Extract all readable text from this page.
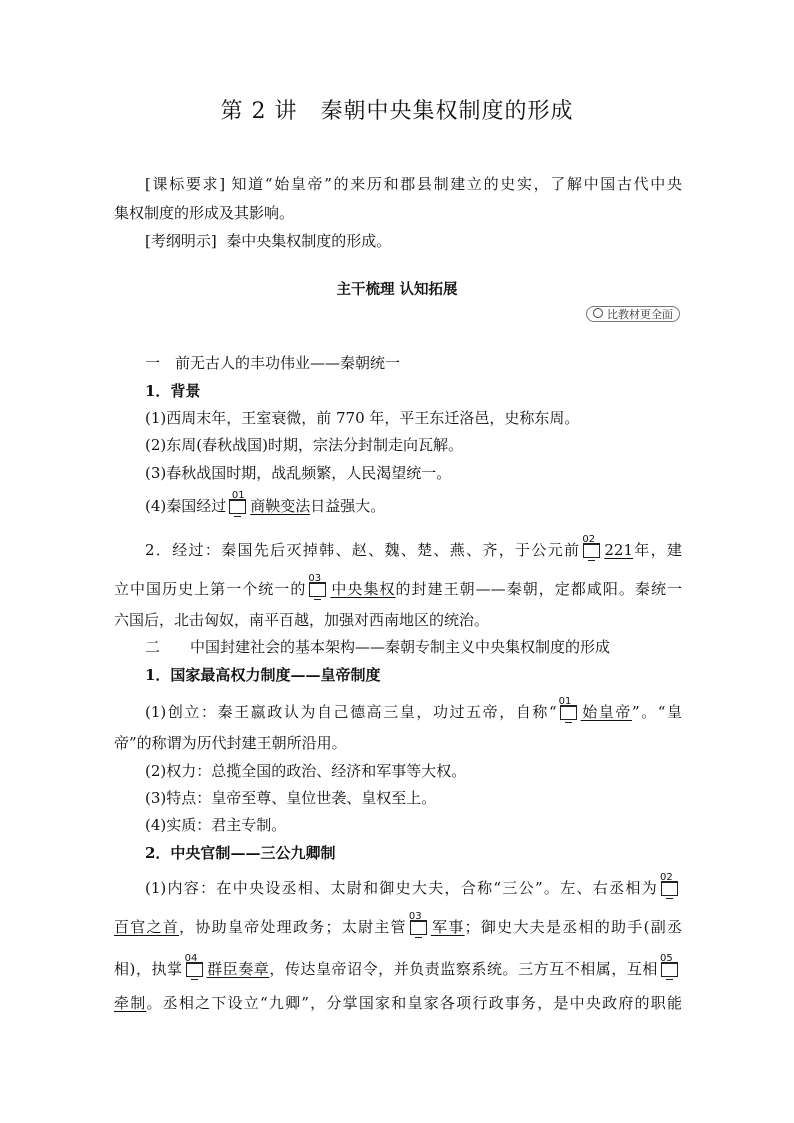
第 2 讲　秦朝中央集权制度的形成
[课标要求] 知道“始皇帝”的来历和郡县制建立的史实，了解中国古代中央
集权制度的形成及其影响。
[考纲明示] 秦中央集权制度的形成。
主干梳理 认知拓展
比教材更全面
一　前无古人的丰功伟业——秦朝统一
1．背景
(1)西周末年，王室衰微，前 770 年，平王东迁洛邑，史称东周。
(2)东周(春秋战国)时期，宗法分封制走向瓦解。
(3)春秋战国时期，战乱频繁，人民渴望统一。
(4)秦国经过
01
商鞅变法日益强大。
2．经过：秦国先后灭掉韩、赵、魏、楚、燕、齐，于公元前
02
221年，建
立中国历史上第一个统一的
03
中央集权的封建王朝——秦朝，定都咸阳。秦统一
六国后，北击匈奴，南平百越，加强对西南地区的统治。
二　　中国封建社会的基本架构——秦朝专制主义中央集权制度的形成
1．国家最高权力制度——皇帝制度
(1)创立：秦王嬴政认为自己德高三皇，功过五帝，自称“
01
始皇帝”。“皇
帝”的称谓为历代封建王朝所沿用。
(2)权力：总揽全国的政治、经济和军事等大权。
(3)特点：皇帝至尊、皇位世袭、皇权至上。
(4)实质：君主专制。
2．中央官制——三公九卿制
(1)内容：在中央设丞相、太尉和御史大夫，合称“三公”。左、右丞相为
02
百官之首，协助皇帝处理政务；太尉主管
03
军事；御史大夫是丞相的助手(副丞
相)，执掌
04
群臣奏章，传达皇帝诏令，并负责监察系统。三方互不相属，互相
05
牵制。丞相之下设立“九卿”，分掌国家和皇家各项行政事务，是中央政府的职能
